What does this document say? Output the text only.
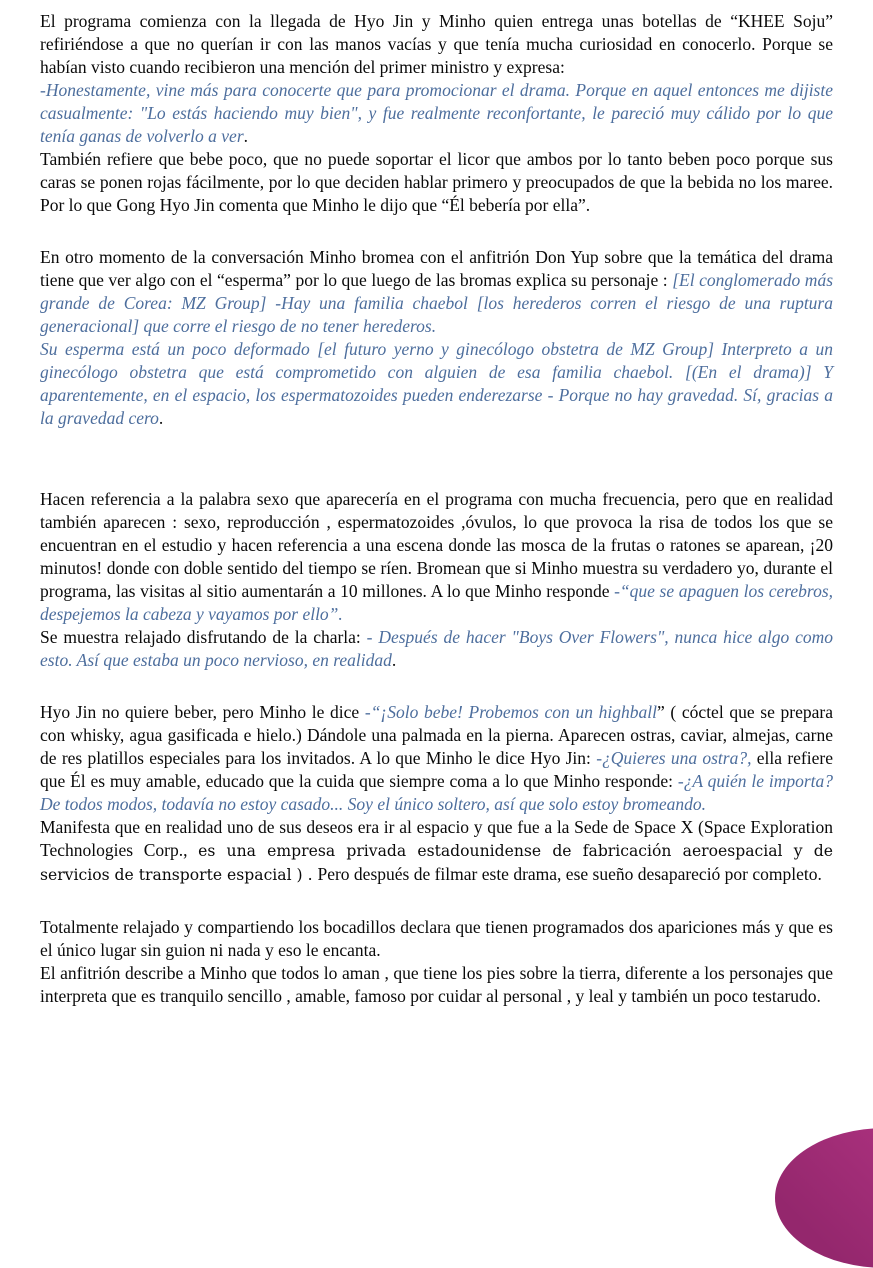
El programa comienza con la llegada de Hyo Jin y Minho quien entrega unas botellas de “KHEE Soju” refiriéndose a que no querían ir con las manos vacías y que tenía mucha curiosidad en conocerlo. Porque se habían visto cuando recibieron una mención del primer ministro y expresa:
-Honestamente, vine más para conocerte que para promocionar el drama. Porque en aquel entonces me dijiste casualmente: "Lo estás haciendo muy bien", y fue realmente reconfortante, le pareció muy cálido por lo que tenía ganas de volverlo a ver.
También refiere que bebe poco, que no puede soportar el licor que ambos por lo tanto beben poco porque sus caras se ponen rojas fácilmente, por lo que deciden hablar primero y preocupados de que la bebida no los maree. Por lo que Gong Hyo Jin comenta que Minho le dijo que “Él bebería por ella”.

En otro momento de la conversación Minho bromea con el anfitrión Don Yup sobre que la temática del drama tiene que ver algo con el “esperma” por lo que luego de las bromas explica su personaje : [El conglomerado más grande de Corea: MZ Group] -Hay una familia chaebol [los herederos corren el riesgo de una ruptura generacional] que corre el riesgo de no tener herederos.
Su esperma está un poco deformado [el futuro yerno y ginecólogo obstetra de MZ Group] Interpreto a un ginecólogo obstetra que está comprometido con alguien de esa familia chaebol. [(En el drama)] Y aparentemente, en el espacio, los espermatozoides pueden enderezarse - Porque no hay gravedad. Sí, gracias a la gravedad cero.

Hacen referencia a la palabra sexo que aparecería en el programa con mucha frecuencia, pero que en realidad también aparecen : sexo, reproducción , espermatozoides ,óvulos, lo que provoca la risa de todos los que se encuentran en el estudio y hacen referencia a una escena donde las mosca de la frutas o ratones se aparean, ¡20 minutos! donde con doble sentido del tiempo se ríen. Bromean que si Minho muestra su verdadero yo, durante el programa, las visitas al sitio aumentarán a 10 millones. A lo que Minho responde -“que se apaguen los cerebros, despejemos la cabeza y vayamos por ello”.
Se muestra relajado disfrutando de la charla: - Después de hacer "Boys Over Flowers", nunca hice algo como esto. Así que estaba un poco nervioso, en realidad.

Hyo Jin no quiere beber, pero Minho le dice -“¡Solo bebe! Probemos con un highball” ( cóctel que se prepara con whisky, agua gasificada e hielo.) Dándole una palmada en la pierna. Aparecen ostras, caviar, almejas, carne de res platillos especiales para los invitados. A lo que Minho le dice Hyo Jin: -¿Quieres una ostra?, ella refiere que Él es muy amable, educado que la cuida que siempre coma a lo que Minho responde: -¿A quién le importa? De todos modos, todavía no estoy casado... Soy el único soltero, así que solo estoy bromeando.
Manifesta que en realidad uno de sus deseos era ir al espacio y que fue a la Sede de Space X (Space Exploration Technologies Corp., es una empresa privada estadounidense de fabricación aeroespacial y de servicios de transporte espacial ) . Pero después de filmar este drama, ese sueño desapareció por completo.

Totalmente relajado y compartiendo los bocadillos declara que tienen programados dos apariciones más y que es el único lugar sin guion ni nada y eso le encanta.
El anfitrión describe a Minho que todos lo aman , que tiene los pies sobre la tierra, diferente a los personajes que interpreta que es tranquilo sencillo , amable, famoso por cuidar al personal , y leal y también un poco testarudo.
